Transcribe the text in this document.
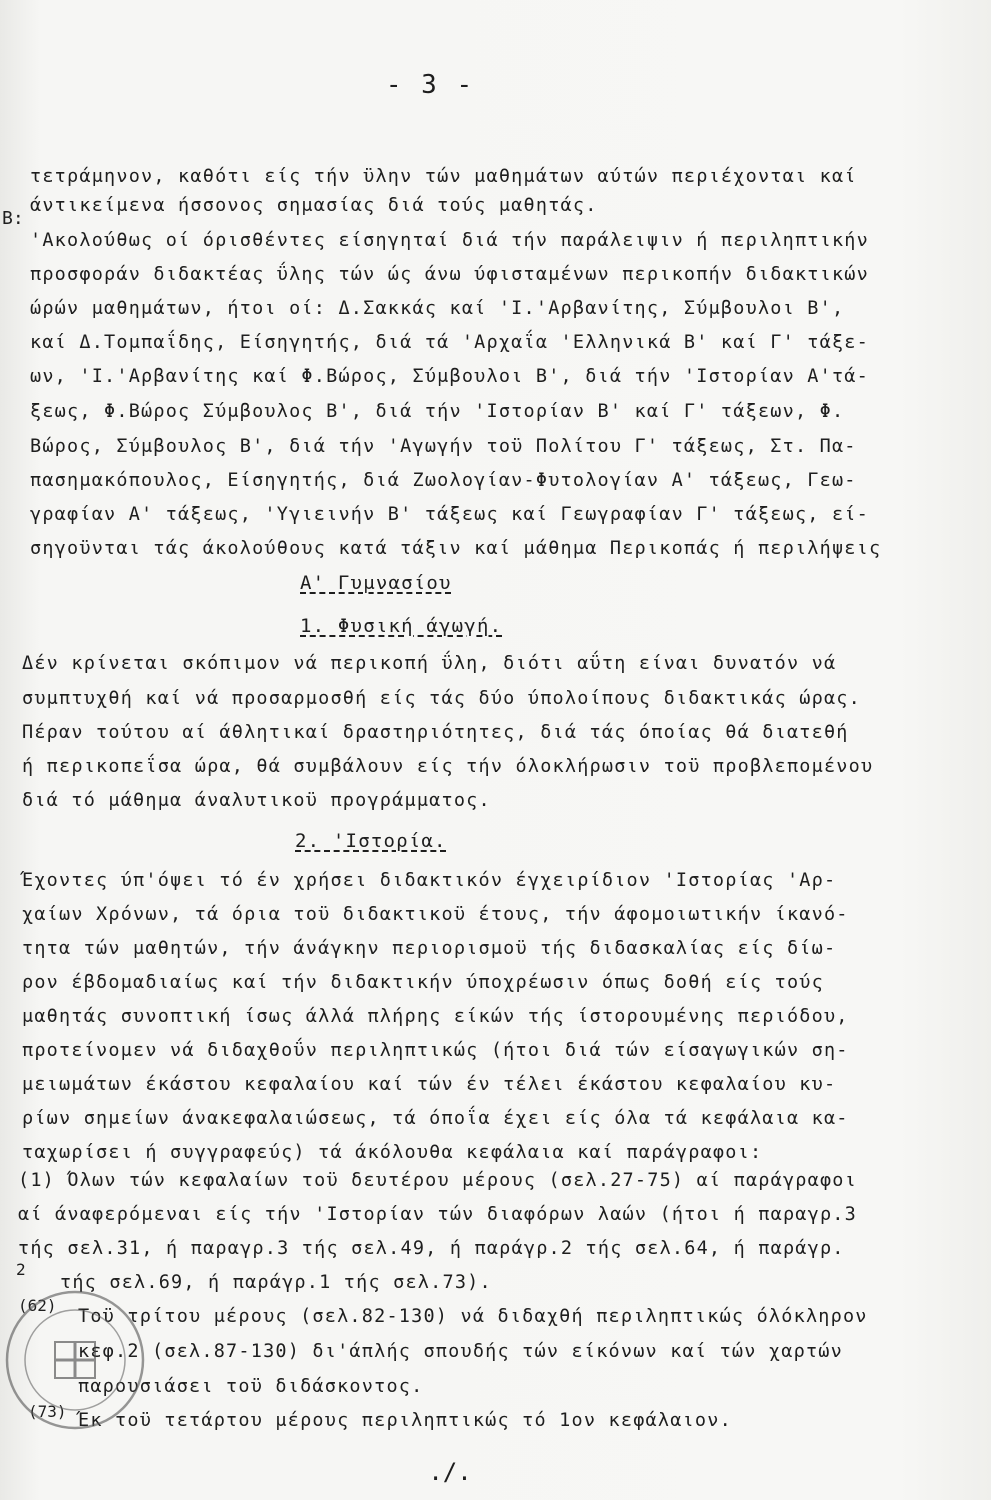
- 3 -
Β:
τετράμηνον, καθότι είς τήν ϋλην τών μαθημάτων αύτών περιέχονται καί
άντικείμενα ήσσονος σημασίας διά τούς μαθητάς.
'Ακολούθως οί όρισθέντες είσηγηταί διά τήν παράλειψιν ή περιληπτικήν
προσφοράν διδακτέας ΰλης τών ώς άνω ύφισταμένων περικοπήν διδακτικών
ώρών μαθημάτων, ήτοι οί: Δ.Σακκάς καί 'Ι.'Αρβανίτης, Σύμβουλοι Β',
καί Δ.Τομπαΐδης, Είσηγητής, διά τά 'Αρχαΐα 'Ελληνικά Β' καί Γ' τάξε-
ων, 'Ι.'Αρβανίτης καί Φ.Βώρος, Σύμβουλοι Β', διά τήν 'Ιστορίαν Α'τά-
ξεως, Φ.Βώρος Σύμβουλος Β', διά τήν 'Ιστορίαν Β' καί Γ' τάξεων, Φ.
Βώρος, Σύμβουλος Β', διά τήν 'Αγωγήν τοϋ Πολίτου Γ' τάξεως, Στ. Πα-
πασημακόπουλος, Είσηγητής, διά Ζωολογίαν-Φυτολογίαν Α' τάξεως, Γεω-
γραφίαν Α' τάξεως, 'Υγιεινήν Β' τάξεως καί Γεωγραφίαν Γ' τάξεως, εί-
σηγοϋνται τάς άκολούθους κατά τάξιν καί μάθημα Περικοπάς ή περιλήψεις
Α' Γυμνασίου
1. Φυσική άγωγή.
Δέν κρίνεται σκόπιμον νά περικοπή ΰλη, διότι αΰτη είναι δυνατόν νά
συμπτυχθή καί νά προσαρμοσθή είς τάς δύο ύπολοίπους διδακτικάς ώρας.
Πέραν τούτου αί άθλητικαί δραστηριότητες, διά τάς όποίας θά διατεθή
ή περικοπεΐσα ώρα, θά συμβάλουν είς τήν όλοκλήρωσιν τοϋ προβλεπομένου
διά τό μάθημα άναλυτικοϋ προγράμματος.
2. 'Ιστορία.
Έχοντες ύπ'όψει τό έν χρήσει διδακτικόν έγχειρίδιον 'Ιστορίας 'Αρ-
χαίων Χρόνων, τά όρια τοϋ διδακτικοϋ έτους, τήν άφομοιωτικήν ίκανό-
τητα τών μαθητών, τήν άνάγκην περιορισμοϋ τής διδασκαλίας είς δίω-
ρον έβδομαδιαίως καί τήν διδακτικήν ύποχρέωσιν όπως δοθή είς τούς
μαθητάς συνοπτική ίσως άλλά πλήρης είκών τής ίστορουμένης περιόδου,
προτείνομεν νά διδαχθοΰν περιληπτικώς (ήτοι διά τών είσαγωγικών ση-
μειωμάτων έκάστου κεφαλαίου καί τών έν τέλει έκάστου κεφαλαίου κυ-
ρίων σημείων άνακεφαλαιώσεως, τά όποΐα έχει είς όλα τά κεφάλαια κα-
ταχωρίσει ή συγγραφεύς) τά άκόλουθα κεφάλαια καί παράγραφοι:
(1) Όλων τών κεφαλαίων τοϋ δευτέρου μέρους (σελ.27-75) αί παράγραφοι
αί άναφερόμεναι είς τήν 'Ιστορίαν τών διαφόρων λαών (ήτοι ή παραγρ.3
τής σελ.31, ή παραγρ.3 τής σελ.49, ή παράγρ.2 τής σελ.64, ή παράγρ.
2
τής σελ.69, ή παράγρ.1 τής σελ.73).
(62)
Τοϋ τρίτου μέρους (σελ.82-130) νά διδαχθή περιληπτικώς όλόκληρον
κεφ.2 (σελ.87-130) δι'άπλής σπουδής τών είκόνων καί τών χαρτών
παρουσιάσει τοϋ διδάσκοντος.
(73) Έκ τοϋ τετάρτου μέρους περιληπτικώς τό 1ον κεφάλαιον.
./.
